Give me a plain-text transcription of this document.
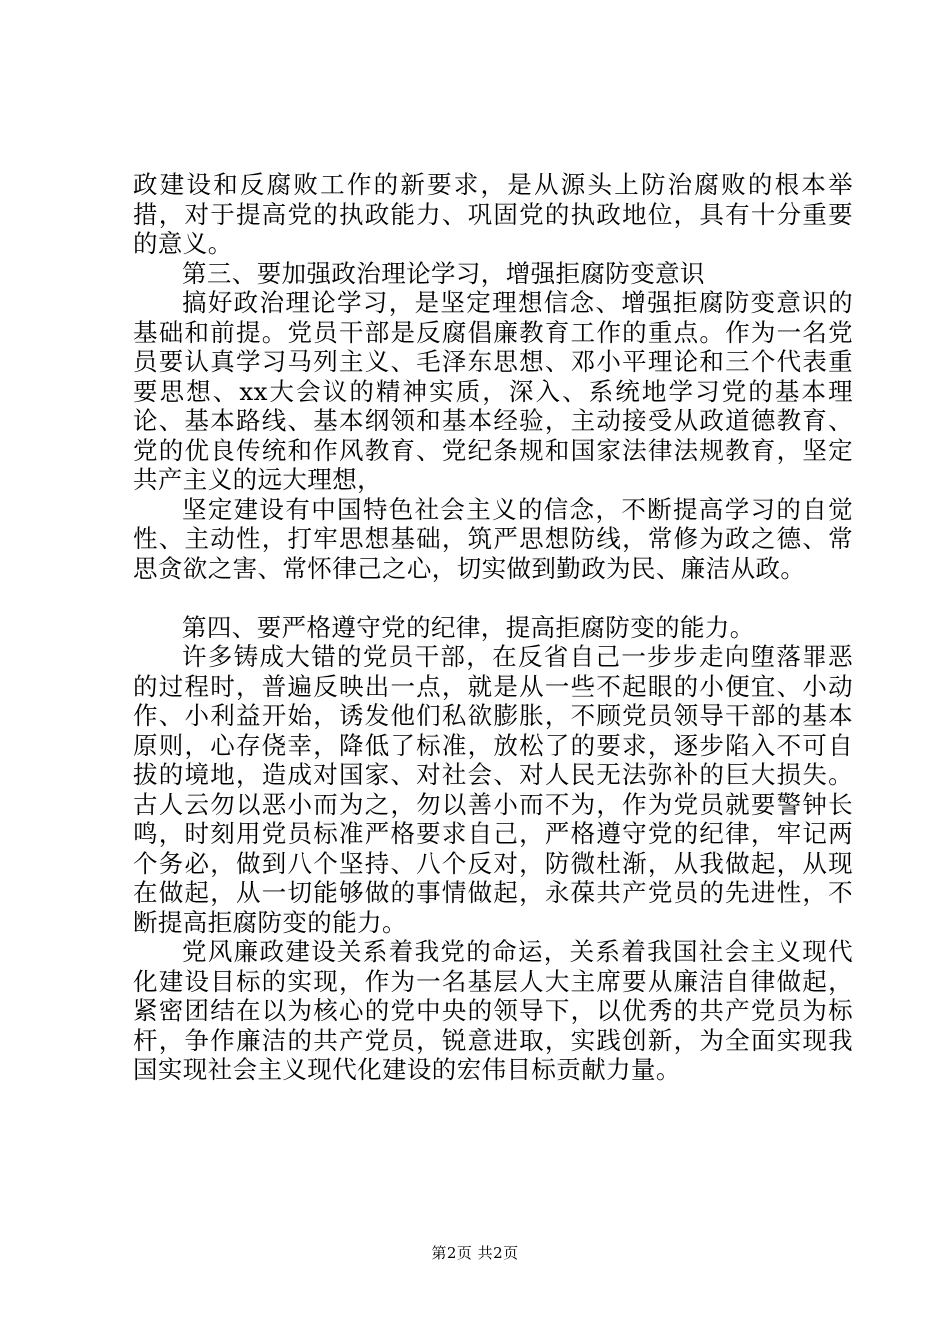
政建设和反腐败工作的新要求，是从源头上防治腐败的根本举措，对于提高党的执政能力、巩固党的执政地位，具有十分重要的意义。

第三、要加强政治理论学习，增强拒腐防变意识

搞好政治理论学习，是坚定理想信念、增强拒腐防变意识的基础和前提。党员干部是反腐倡廉教育工作的重点。作为一名党员要认真学习马列主义、毛泽东思想、邓小平理论和三个代表重要思想、xx大会议的精神实质，深入、系统地学习党的基本理论、基本路线、基本纲领和基本经验，主动接受从政道德教育、党的优良传统和作风教育、党纪条规和国家法律法规教育，坚定共产主义的远大理想，

坚定建设有中国特色社会主义的信念，不断提高学习的自觉性、主动性，打牢思想基础，筑严思想防线，常修为政之德、常思贪欲之害、常怀律己之心，切实做到勤政为民、廉洁从政。

第四、要严格遵守党的纪律，提高拒腐防变的能力。

许多铸成大错的党员干部，在反省自己一步步走向堕落罪恶的过程时，普遍反映出一点，就是从一些不起眼的小便宜、小动作、小利益开始，诱发他们私欲膨胀，不顾党员领导干部的基本原则，心存侥幸，降低了标准，放松了的要求，逐步陷入不可自拔的境地，造成对国家、对社会、对人民无法弥补的巨大损失。古人云勿以恶小而为之，勿以善小而不为，作为党员就要警钟长鸣，时刻用党员标准严格要求自己，严格遵守党的纪律，牢记两个务必，做到八个坚持、八个反对，防微杜渐，从我做起，从现在做起，从一切能够做的事情做起，永葆共产党员的先进性，不断提高拒腐防变的能力。

党风廉政建设关系着我党的命运，关系着我国社会主义现代化建设目标的实现，作为一名基层人大主席要从廉洁自律做起，紧密团结在以为核心的党中央的领导下，以优秀的共产党员为标杆，争作廉洁的共产党员，锐意进取，实践创新，为全面实现我国实现社会主义现代化建设的宏伟目标贡献力量。

第2页 共2页
